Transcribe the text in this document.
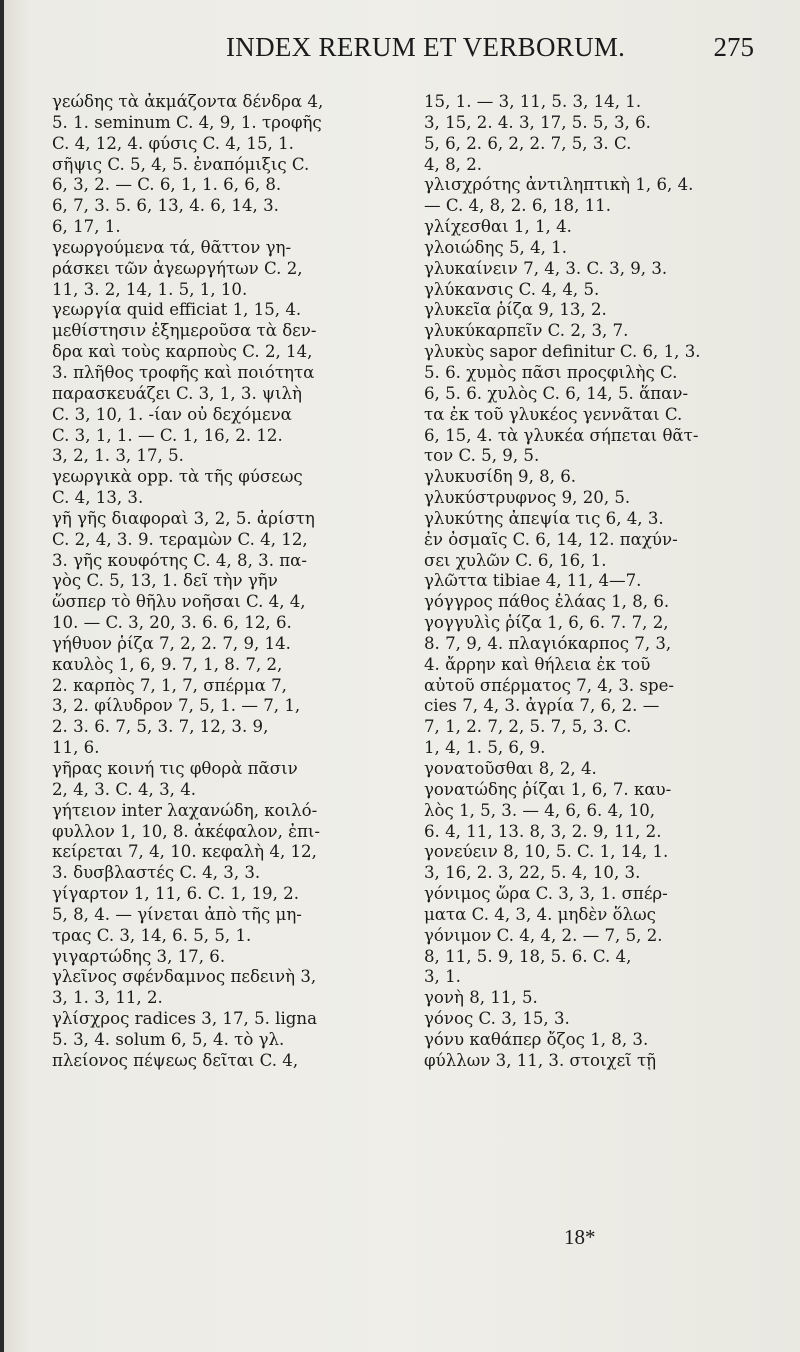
INDEX RERUM ET VERBORUM.	275
γεώδης τὰ ἀκμάζοντα δένδρα 4,
5. 1. seminum C. 4, 9, 1. τροφῆς
C. 4, 12, 4. φύσις C. 4, 15, 1.
σῆψις C. 5, 4, 5. ἐναπόμιξις C.
6, 3, 2. — C. 6, 1, 1. 6, 6, 8.
6, 7, 3. 5. 6, 13, 4. 6, 14, 3.
6, 17, 1.
γεωργούμενα τά, θᾶττον γη-
ράσκει τῶν ἀγεωργήτων C. 2,
11, 3. 2, 14, 1. 5, 1, 10.
γεωργία quid efficiat 1, 15, 4.
μεθίστησιν ἐξημεροῦσα τὰ δεν-
δρα καὶ τοὺς καρποὺς C. 2, 14,
3. πλῆθος τροφῆς καὶ ποιότητα
παρασκευάζει C. 3, 1, 3. ψιλὴ
C. 3, 10, 1. -ίαν οὐ δεχόμενα
C. 3, 1, 1. — C. 1, 16, 2. 12.
3, 2, 1. 3, 17, 5.
γεωργικὰ opp. τὰ τῆς φύσεως
C. 4, 13, 3.
γῆ γῆς διαφοραὶ 3, 2, 5. ἀρίστη
C. 2, 4, 3. 9. τεραμὼν C. 4, 12,
3. γῆς κουφότης C. 4, 8, 3. πα-
γὸς C. 5, 13, 1. δεῖ τὴν γῆν
ὥσπερ τὸ θῆλυ νοῆσαι C. 4, 4,
10. — C. 3, 20, 3. 6. 6, 12, 6.
γήθυον ῥίζα 7, 2, 2. 7, 9, 14.
καυλὸς 1, 6, 9. 7, 1, 8. 7, 2,
2. καρπὸς 7, 1, 7, σπέρμα 7,
3, 2. φίλυδρον 7, 5, 1. — 7, 1,
2. 3. 6. 7, 5, 3. 7, 12, 3. 9,
11, 6.
γῆρας κοινή τις φθορὰ πᾶσιν
2, 4, 3. C. 4, 3, 4.
γήτειον inter λαχανώδη, κοιλό-
φυλλον 1, 10, 8. ἀκέφαλον, ἐπι-
κείρεται 7, 4, 10. κεφαλὴ 4, 12,
3. δυσβλαστές C. 4, 3, 3.
γίγαρτον 1, 11, 6. C. 1, 19, 2.
5, 8, 4. — γίνεται ἀπὸ τῆς μη-
τρας C. 3, 14, 6. 5, 5, 1.
γιγαρτώδης 3, 17, 6.
γλεῖνος σφένδαμνος πεδεινὴ 3,
3, 1. 3, 11, 2.
γλίσχρος radices 3, 17, 5. ligna
5. 3, 4. solum 6, 5, 4. τὸ γλ.
πλείονος πέψεως δεῖται C. 4,
15, 1. — 3, 11, 5. 3, 14, 1.
3, 15, 2. 4. 3, 17, 5. 5, 3, 6.
5, 6, 2. 6, 2, 2. 7, 5, 3. C.
4, 8, 2.
γλισχρότης ἀντιληπτικὴ 1, 6, 4.
— C. 4, 8, 2. 6, 18, 11.
γλίχεσθαι 1, 1, 4.
γλοιώδης 5, 4, 1.
γλυκαίνειν 7, 4, 3. C. 3, 9, 3.
γλύκανσις C. 4, 4, 5.
γλυκεῖα ῥίζα 9, 13, 2.
γλυκύκαρπεῖν C. 2, 3, 7.
γλυκὺς sapor definitur C. 6, 1, 3.
5. 6. χυμὸς πᾶσι προςφιλὴς C.
6, 5. 6. χυλὸς C. 6, 14, 5. ἅπαν-
τα ἐκ τοῦ γλυκέος γεννᾶται C.
6, 15, 4. τὰ γλυκέα σήπεται θᾶτ-
τον C. 5, 9, 5.
γλυκυσίδη 9, 8, 6.
γλυκύστρυφνος 9, 20, 5.
γλυκύτης ἀπεψία τις 6, 4, 3.
ἐν ὀσμαῖς C. 6, 14, 12. παχύν-
σει χυλῶν C. 6, 16, 1.
γλῶττα tibiae 4, 11, 4—7.
γόγγρος πάθος ἐλάας 1, 8, 6.
γογγυλὶς ῥίζα 1, 6, 6. 7. 7, 2,
8. 7, 9, 4. πλαγιόκαρπος 7, 3,
4. ἄρρην καὶ θήλεια ἐκ τοῦ
αὐτοῦ σπέρματος 7, 4, 3. spe-
cies 7, 4, 3. ἀγρία 7, 6, 2. —
7, 1, 2. 7, 2, 5. 7, 5, 3. C.
1, 4, 1. 5, 6, 9.
γονατοῦσθαι 8, 2, 4.
γονατώδης ῥίζαι 1, 6, 7. καυ-
λὸς 1, 5, 3. — 4, 6, 6. 4, 10,
6. 4, 11, 13. 8, 3, 2. 9, 11, 2.
γονεύειν 8, 10, 5. C. 1, 14, 1.
3, 16, 2. 3, 22, 5. 4, 10, 3.
γόνιμος ὥρα C. 3, 3, 1. σπέρ-
ματα C. 4, 3, 4. μηδὲν ὅλως
γόνιμον C. 4, 4, 2. — 7, 5, 2.
8, 11, 5. 9, 18, 5. 6. C. 4,
3, 1.
γονὴ 8, 11, 5.
γόνος C. 3, 15, 3.
γόνυ καθάπερ ὄζος 1, 8, 3.
φύλλων 3, 11, 3. στοιχεῖ τῇ
18*
